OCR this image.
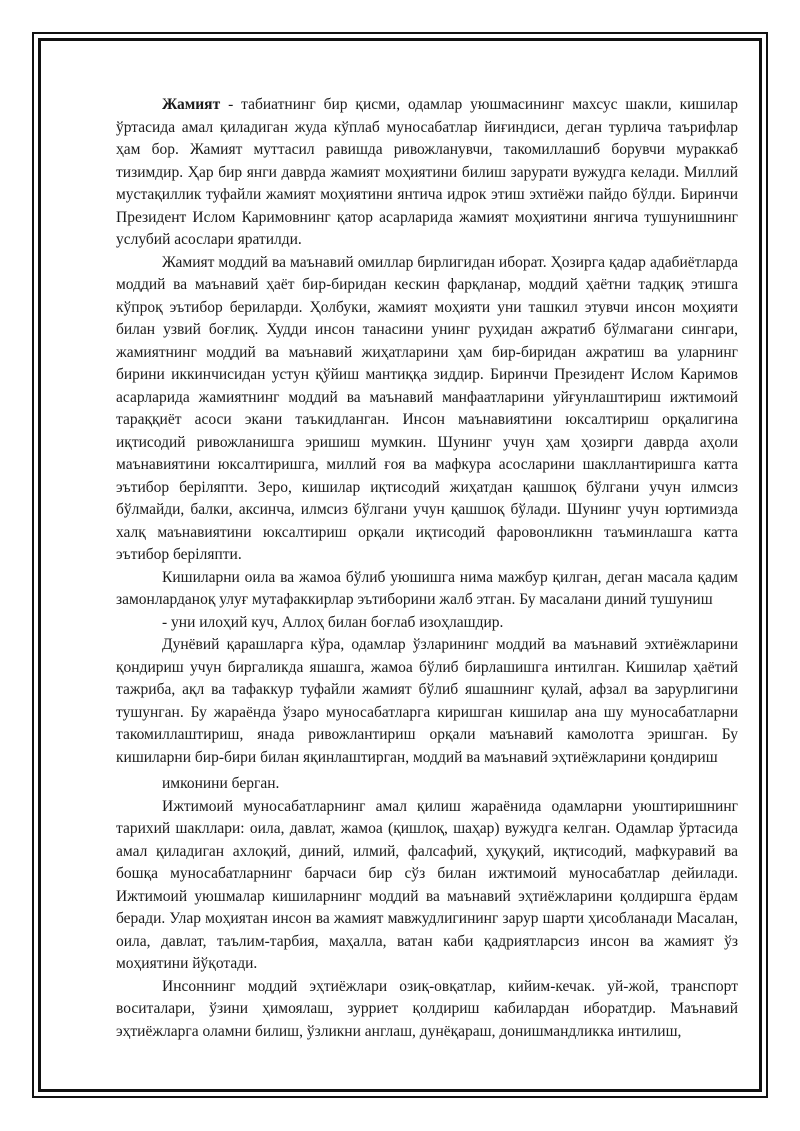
Жамият - табиатнинг бир қисми, одамлар уюшмасининг махсус шакли, кишилар ўртасида амал қиладиган жуда кўплаб муносабатлар йиғиндиси, деган турлича таърифлар ҳам бор. Жамият муттасил равишда ривожланувчи, такомиллашиб борувчи мураккаб тизимдир. Ҳар бир янги даврда жамият моҳиятини билиш зарурати вужудга келади. Миллий мустақиллик туфайли жамият моҳиятини янтича идрок этиш эхтиёжи пайдо бўлди. Биринчи Президент Ислом Каримовнинг қатор асарларида жамият моҳиятини янгича тушунишнинг услубий асослари яратилди.

Жамият моддий ва маънавий омиллар бирлигидан иборат. Ҳозирга қадар адабиётларда моддий ва маънавий ҳаёт бир-биридан кескин фарқланар, моддий ҳаётни тадқиқ этишга кўпроқ эътибор бериларди. Ҳолбуки, жамият моҳияти уни ташкил этувчи инсон моҳияти билан узвий боғлиқ. Худди инсон танасини унинг руҳидан ажратиб бўлмагани сингари, жамиятнинг моддий ва маънавий жиҳатларини ҳам бир-биридан ажратиш ва уларнинг бирини иккинчисидан устун қўйиш мантиққа зиддир. Биринчи Президент Ислом Каримов асарларида жамиятнинг моддий ва маънавий манфаатларини уйғунлаштириш ижтимоий тараққиёт асоси экани таъкидланган. Инсон маънавиятини юксалтириш орқалигина иқтисодий ривожланишга эришиш мумкин. Шунинг учун ҳам ҳозирги даврда аҳоли маънавиятини юксалтиришга, миллий ғоя ва мафкура асосларини шакллантиришга катта эътибор беріляпти. Зеро, кишилар иқтисодий жиҳатдан қашшоқ бўлгани учун илмсиз бўлмайди, балки, аксинча, илмсиз бўлгани учун қашшоқ бўлади. Шунинг учун юртимизда халқ маънавиятини юксалтириш орқали иқтисодий фаровонликнн таъминлашга катта эътибор беріляпти.

Кишиларни оила ва жамоа бўлиб уюшишга нима мажбур қилган, деган масала қадим замонларданоқ улуғ мутафаккирлар эътиборини жалб этган. Бу масалани диний тушуниш

- уни илоҳий куч, Аллоҳ билан боғлаб изоҳлашдир.

Дунёвий қарашларга кўра, одамлар ўзларининг моддий ва маънавий эхтиёжларини қондириш учун биргаликда яшашга, жамоа бўлиб бирлашишга интилган. Кишилар ҳаётий тажриба, ақл ва тафаккур туфайли жамият бўлиб яшашнинг қулай, афзал ва зарурлигини тушунган. Бу жараёнда ўзаро муносабатларга киришган кишилар ана шу муносабатларни такомиллаштириш, янада ривожлантириш орқали маънавий камолотга эришган. Бу кишиларни бир-бири билан яқинлаштирган, моддий ва маънавий эҳтиёжларини қондириш

имконини берган.

Ижтимоий муносабатларнинг амал қилиш жараёнида одамларни уюштиришнинг тарихий шакллари: оила, давлат, жамоа (қишлоқ, шаҳар) вужудга келган. Одамлар ўртасида амал қиладиган ахлоқий, диний, илмий, фалсафий, ҳуқуқий, иқтисодий, мафкуравий ва бошқа муносабатларнинг барчаси бир сўз билан ижтимоий муносабатлар дейилади. Ижтимоий уюшмалар кишиларнинг моддий ва маънавий эҳтиёжларини қолдиршга ёрдам беради. Улар моҳиятан инсон ва жамият мавжудлигининг зарур шарти ҳисобланади Масалан, оила, давлат, таълим-тарбия, маҳалла, ватан каби қадриятларсиз инсон ва жамият ўз моҳиятини йўқотади.

Инсоннинг моддий эҳтиёжлари озиқ-овқатлар, кийим-кечак. уй-жой, транспорт воситалари, ўзини ҳимоялаш, зурриет қолдириш кабилардан иборатдир. Маънавий эҳтиёжларга оламни билиш, ўзликни англаш, дунёқараш, донишмандликка интилиш,
